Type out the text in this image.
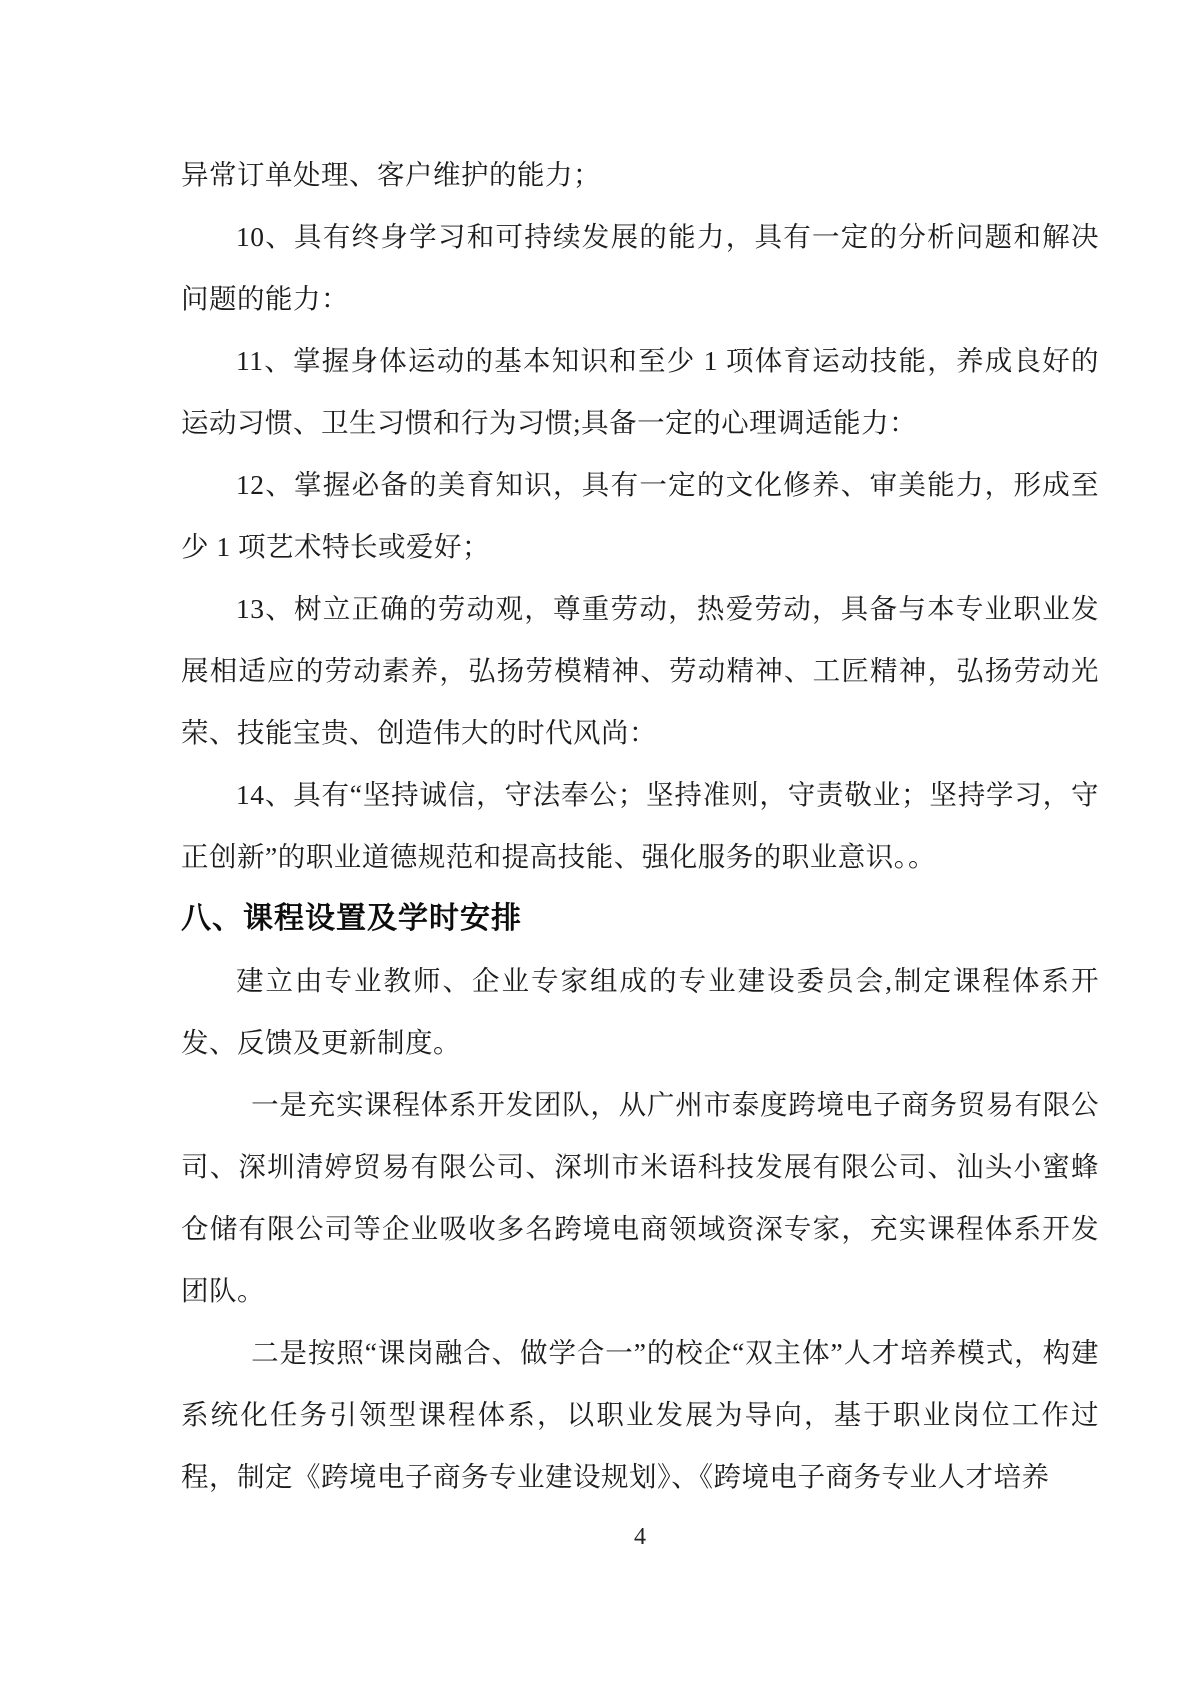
异常订单处理、客户维护的能力；

10、具有终身学习和可持续发展的能力，具有一定的分析问题和解决问题的能力：

11、掌握身体运动的基本知识和至少 1 项体育运动技能，养成良好的运动习惯、卫生习惯和行为习惯;具备一定的心理调适能力：

12、掌握必备的美育知识，具有一定的文化修养、审美能力，形成至少 1 项艺术特长或爱好；

13、树立正确的劳动观，尊重劳动，热爱劳动，具备与本专业职业发展相适应的劳动素养，弘扬劳模精神、劳动精神、工匠精神，弘扬劳动光荣、技能宝贵、创造伟大的时代风尚：

14、具有“坚持诚信，守法奉公；坚持准则，守责敬业；坚持学习，守正创新”的职业道德规范和提高技能、强化服务的职业意识。。

八、课程设置及学时安排

建立由专业教师、企业专家组成的专业建设委员会,制定课程体系开发、反馈及更新制度。

一是充实课程体系开发团队，从广州市泰度跨境电子商务贸易有限公司、深圳清婷贸易有限公司、深圳市米语科技发展有限公司、汕头小蜜蜂仓储有限公司等企业吸收多名跨境电商领域资深专家，充实课程体系开发团队。

二是按照“课岗融合、做学合一”的校企“双主体”人才培养模式，构建系统化任务引领型课程体系，以职业发展为导向，基于职业岗位工作过程，制定《跨境电子商务专业建设规划》、《跨境电子商务专业人才培养

4
